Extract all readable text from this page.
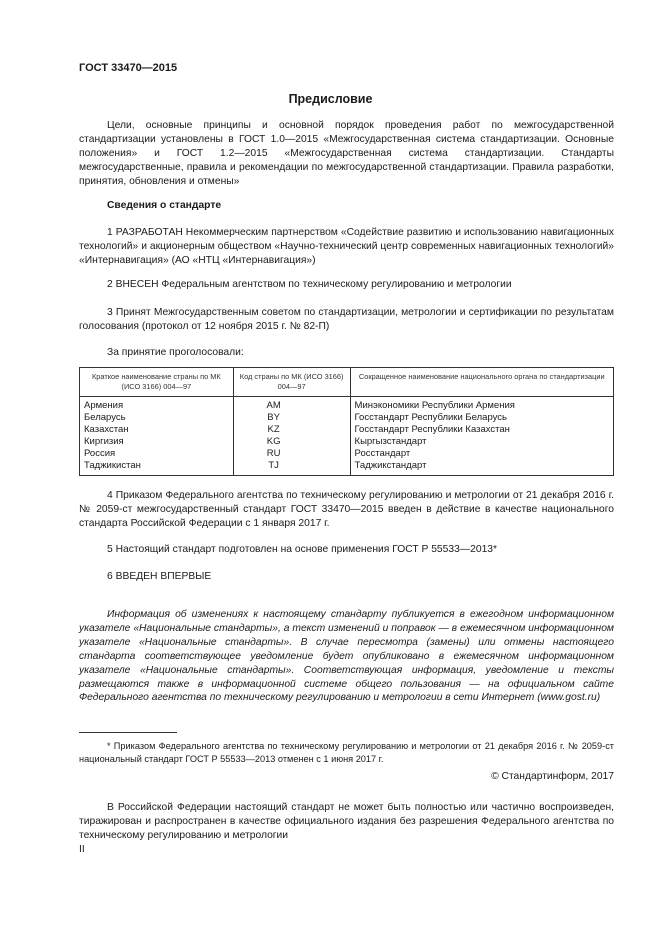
ГОСТ 33470—2015
Предисловие
Цели, основные принципы и основной порядок проведения работ по межгосударственной стандартизации установлены в ГОСТ 1.0—2015 «Межгосударственная система стандартизации. Основные положения» и ГОСТ 1.2—2015 «Межгосударственная система стандартизации. Стандарты межгосударственные, правила и рекомендации по межгосударственной стандартизации. Правила разработки, принятия, обновления и отмены»
Сведения о стандарте
1 РАЗРАБОТАН Некоммерческим партнерством «Содействие развитию и использованию навигационных технологий» и акционерным обществом «Научно-технический центр современных навигационных технологий» «Интернавигация» (АО «НТЦ «Интернавигация»)
2 ВНЕСЕН Федеральным агентством по техническому регулированию и метрологии
3 Принят Межгосударственным советом по стандартизации, метрологии и сертификации по результатам голосования (протокол от 12 ноября 2015 г. № 82-П)
За принятие проголосовали:
Краткое наименование страны по МК (ИСО 3166) 004—97	Код страны по МК (ИСО 3166) 004—97	Сокращенное наименование национального органа по стандартизации
Армения	AM	Минэкономики Республики Армения
Беларусь	BY	Госстандарт Республики Беларусь
Казахстан	KZ	Госстандарт Республики Казахстан
Киргизия	KG	Кыргызстандарт
Россия	RU	Росстандарт
Таджикистан	TJ	Таджикстандарт
4 Приказом Федерального агентства по техническому регулированию и метрологии от 21 декабря 2016 г. № 2059-ст межгосударственный стандарт ГОСТ 33470—2015 введен в действие в качестве национального стандарта Российской Федерации с 1 января 2017 г.
5 Настоящий стандарт подготовлен на основе применения ГОСТ Р 55533—2013*
6 ВВЕДЕН ВПЕРВЫЕ
Информация об изменениях к настоящему стандарту публикуется в ежегодном информационном указателе «Национальные стандарты», а текст изменений и поправок — в ежемесячном информационном указателе «Национальные стандарты». В случае пересмотра (замены) или отмены настоящего стандарта соответствующее уведомление будет опубликовано в ежемесячном информационном указателе «Национальные стандарты». Соответствующая информация, уведомление и тексты размещаются также в информационной системе общего пользования — на официальном сайте Федерального агентства по техническому регулированию и метрологии в сети Интернет (www.gost.ru)
* Приказом Федерального агентства по техническому регулированию и метрологии от 21 декабря 2016 г. № 2059-ст национальный стандарт ГОСТ Р 55533—2013 отменен с 1 июня 2017 г.
© Стандартинформ, 2017
В Российской Федерации настоящий стандарт не может быть полностью или частично воспроизведен, тиражирован и распространен в качестве официального издания без разрешения Федерального агентства по техническому регулированию и метрологии
II
